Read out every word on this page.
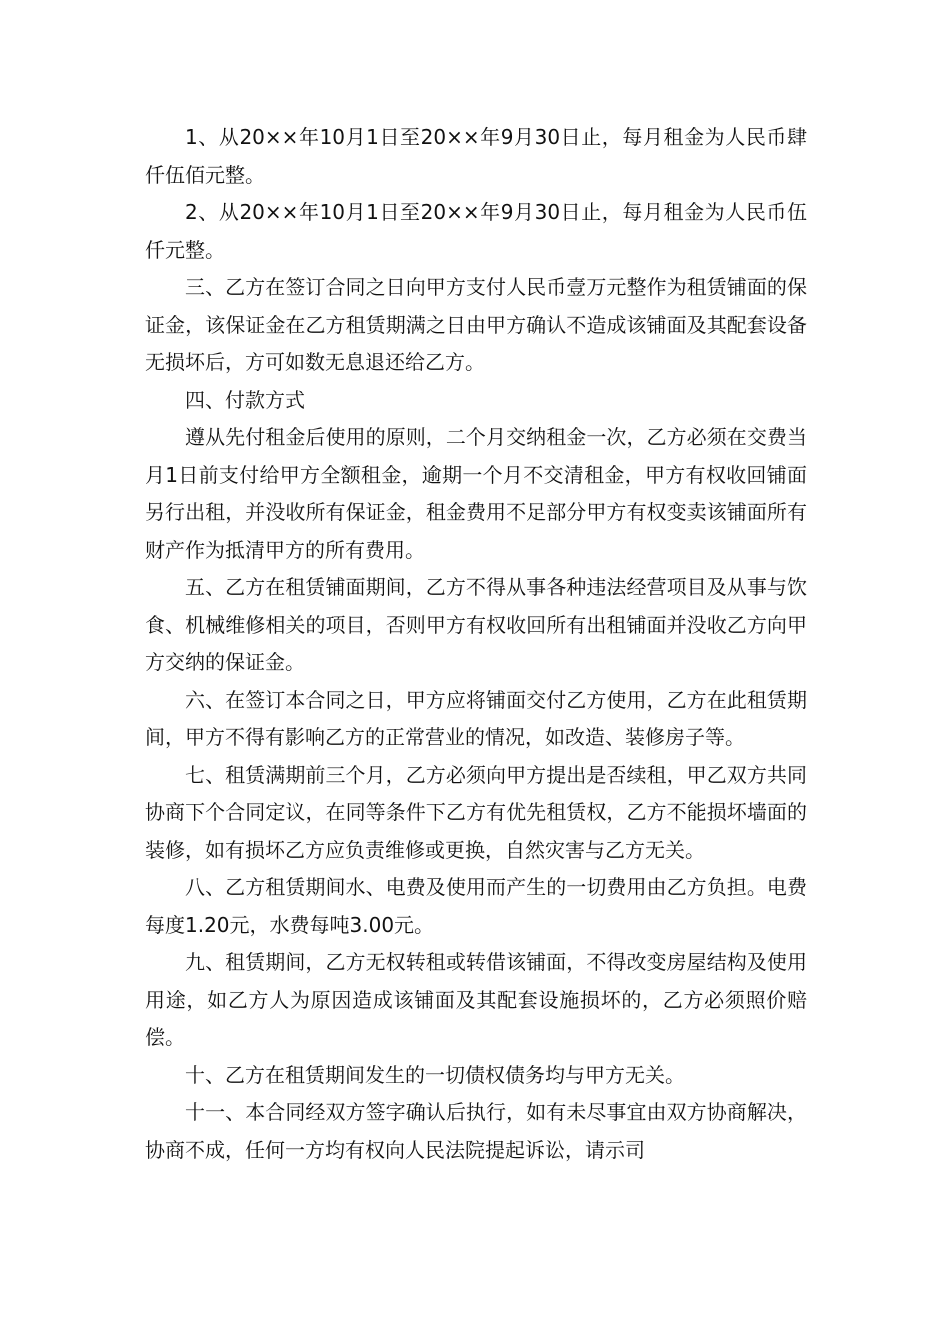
1、从20××年10月1日至20××年9月30日止，每月租金为人民币肆仟伍佰元整。

2、从20××年10月1日至20××年9月30日止，每月租金为人民币伍仟元整。

三、乙方在签订合同之日向甲方支付人民币壹万元整作为租赁铺面的保证金，该保证金在乙方租赁期满之日由甲方确认不造成该铺面及其配套设备无损坏后，方可如数无息退还给乙方。

四、付款方式

遵从先付租金后使用的原则，二个月交纳租金一次，乙方必须在交费当月1日前支付给甲方全额租金，逾期一个月不交清租金，甲方有权收回铺面另行出租，并没收所有保证金，租金费用不足部分甲方有权变卖该铺面所有财产作为抵清甲方的所有费用。

五、乙方在租赁铺面期间，乙方不得从事各种违法经营项目及从事与饮食、机械维修相关的项目，否则甲方有权收回所有出租铺面并没收乙方向甲方交纳的保证金。

六、在签订本合同之日，甲方应将铺面交付乙方使用，乙方在此租赁期间，甲方不得有影响乙方的正常营业的情况，如改造、装修房子等。

七、租赁满期前三个月，乙方必须向甲方提出是否续租，甲乙双方共同协商下个合同定议，在同等条件下乙方有优先租赁权，乙方不能损坏墙面的装修，如有损坏乙方应负责维修或更换，自然灾害与乙方无关。

八、乙方租赁期间水、电费及使用而产生的一切费用由乙方负担。电费每度1.20元，水费每吨3.00元。

九、租赁期间，乙方无权转租或转借该铺面，不得改变房屋结构及使用用途，如乙方人为原因造成该铺面及其配套设施损坏的，乙方必须照价赔偿。

十、乙方在租赁期间发生的一切债权债务均与甲方无关。

十一、本合同经双方签字确认后执行，如有未尽事宜由双方协商解决，协商不成，任何一方均有权向人民法院提起诉讼，请示司
